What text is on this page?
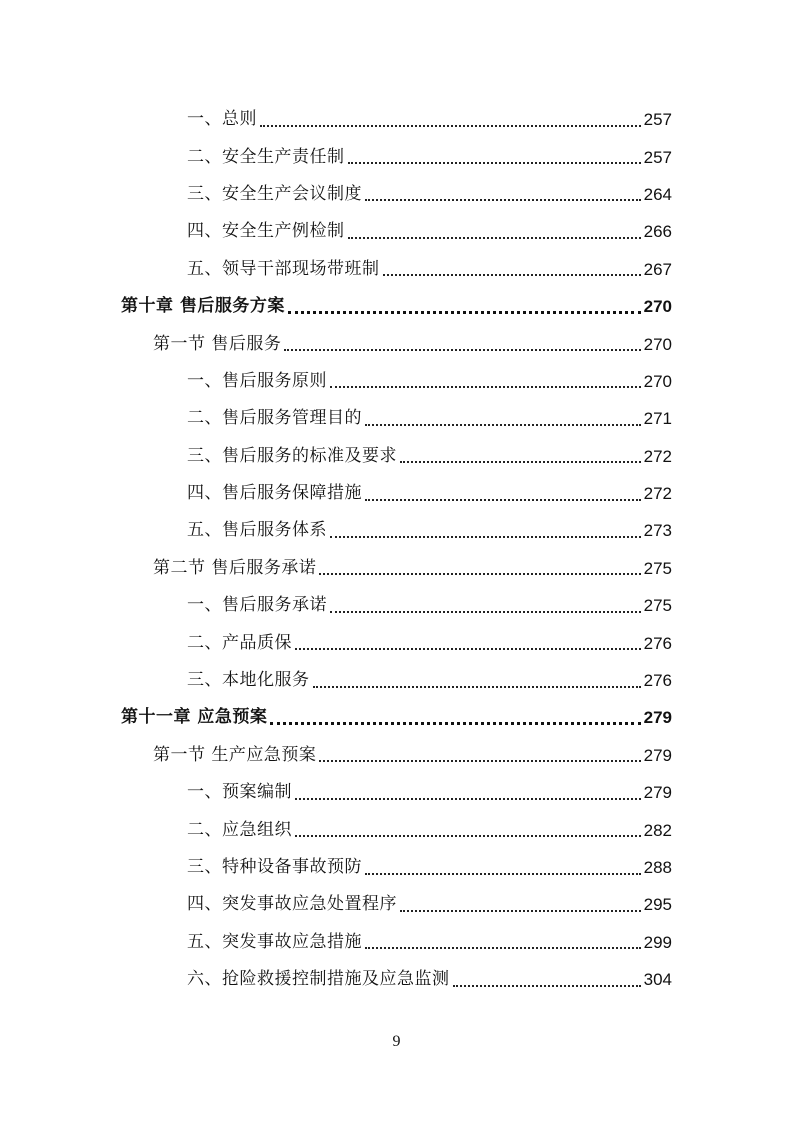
一、总则	257
二、安全生产责任制	257
三、安全生产会议制度	264
四、安全生产例检制	266
五、领导干部现场带班制	267
第十章 售后服务方案	270
第一节 售后服务	270
一、售后服务原则	270
二、售后服务管理目的	271
三、售后服务的标准及要求	272
四、售后服务保障措施	272
五、售后服务体系	273
第二节 售后服务承诺	275
一、售后服务承诺	275
二、产品质保	276
三、本地化服务	276
第十一章 应急预案	279
第一节 生产应急预案	279
一、预案编制	279
二、应急组织	282
三、特种设备事故预防	288
四、突发事故应急处置程序	295
五、突发事故应急措施	299
六、抢险救援控制措施及应急监测	304
9
